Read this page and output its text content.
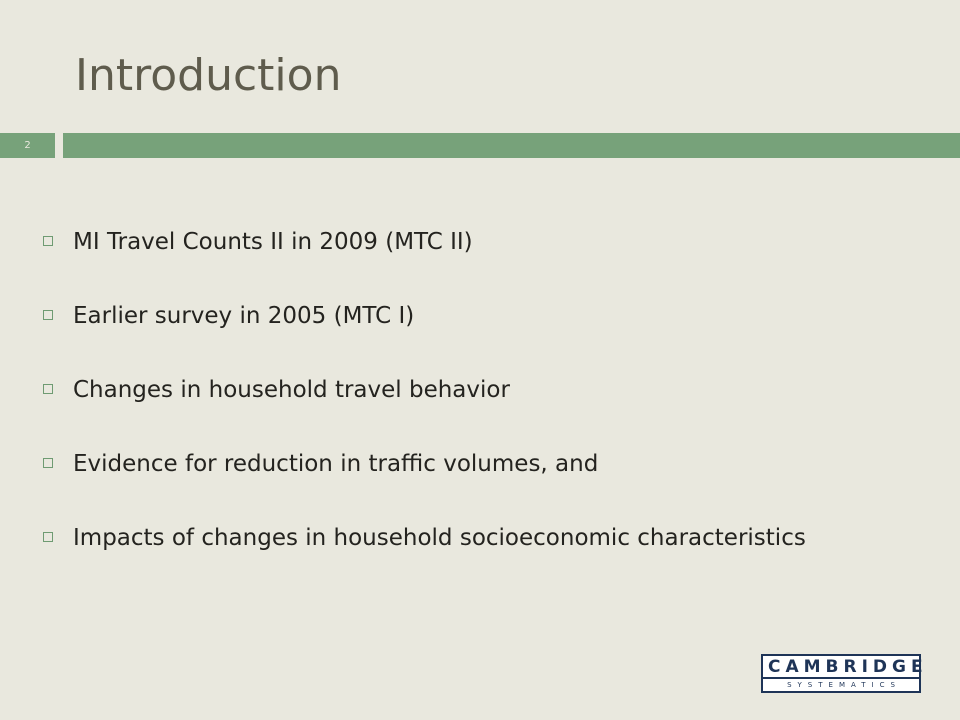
Introduction
2
MI Travel Counts II in 2009 (MTC II)
Earlier survey in 2005 (MTC I)
Changes in household travel behavior
Evidence for reduction in traffic volumes, and
Impacts of changes in household socioeconomic characteristics
CAMBRIDGE
SYSTEMATICS
